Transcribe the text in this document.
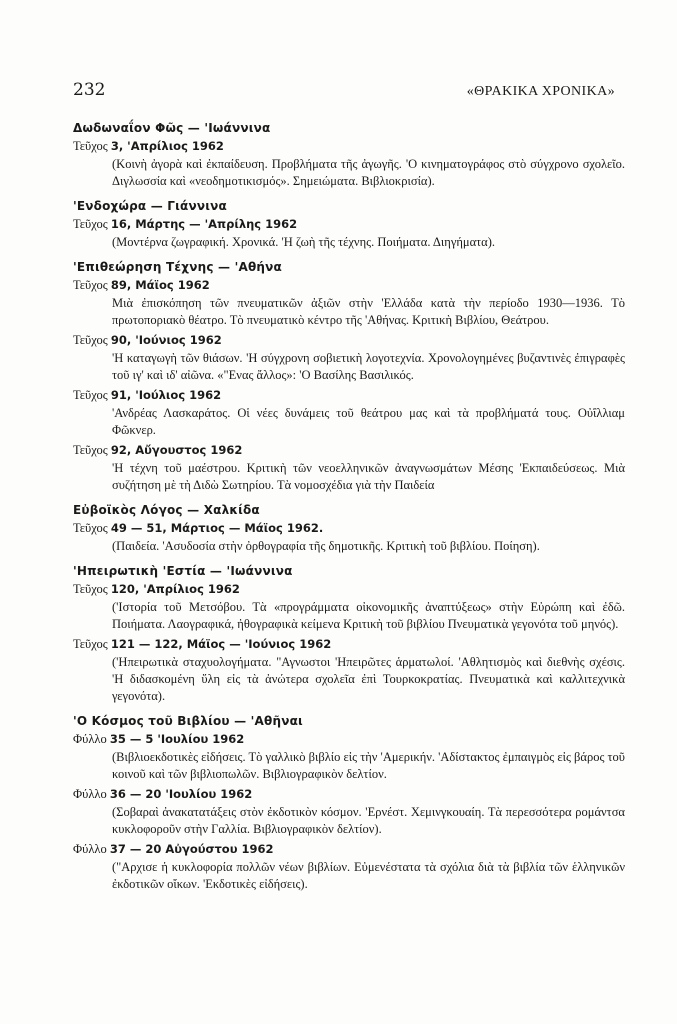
232	«ΘΡΑΚΙΚΑ ΧΡΟΝΙΚΑ»
Δωδωναΐον Φῶς — 'Ιωάννινα
Τεῦχος 3, 'Απρίλιος 1962
(Κοινὴ ἀγορὰ καὶ ἐκπαίδευση. Προβλήματα τῆς ἀγωγῆς. 'Ο κινηματογράφος στὸ σύγχρονο σχολεῖο. Διγλωσσία καὶ «νεοδημοτικισμός». Σημειώματα. Βιβλιοκρισία).
'Ενδοχώρα — Γιάννινα
Τεῦχος 16, Μάρτης — 'Απρίλης 1962
(Μοντέρνα ζωγραφική. Χρονικά. 'Η ζωὴ τῆς τέχνης. Ποιήματα. Διηγήματα).
'Επιθεώρηση Τέχνης — 'Αθήνα
Τεῦχος 89, Μάϊος 1962
Μιὰ ἐπισκόπηση τῶν πνευματικῶν ἀξιῶν στὴν 'Ελλάδα κατὰ τὴν περίοδο 1930—1936. Τὸ πρωτοποριακὸ θέατρο. Τὸ πνευματικὸ κέντρο τῆς 'Αθήνας. Κριτικὴ Βιβλίου, Θεάτρου.
Τεῦχος 90, 'Ιούνιος 1962
'Η καταγωγὴ τῶν θιάσων. 'Η σύγχρονη σοβιετικὴ λογοτεχνία. Χρονολογημένες βυζαντινὲς ἐπιγραφὲς τοῦ ιγ' καὶ ιδ' αἰῶνα. «"Ενας ἄλλος»: 'Ο Βασίλης Βασιλικός.
Τεῦχος 91, 'Ιούλιος 1962
'Ανδρέας Λασκαράτος. Οἱ νέες δυνάμεις τοῦ θεάτρου μας καὶ τὰ προβλήματά τους. Οὐΐλλιαμ Φῶκνερ.
Τεῦχος 92, Αὔγουστος 1962
'Η τέχνη τοῦ μαέστρου. Κριτικὴ τῶν νεοελληνικῶν ἀναγνωσμάτων Μέσης 'Εκπαιδεύσεως. Μιὰ συζήτηση μὲ τὴ Διδὼ Σωτηρίου. Τὰ νομοσχέδια γιὰ τὴν Παιδεία
Εὐβοϊκὸς Λόγος — Χαλκίδα
Τεῦχος 49 — 51, Μάρτιος — Μάϊος 1962.
(Παιδεία. 'Ασυδοσία στὴν ὀρθογραφία τῆς δημοτικῆς. Κριτικὴ τοῦ βιβλίου. Ποίηση).
'Ηπειρωτικὴ 'Εστία — 'Ιωάννινα
Τεῦχος 120, 'Απρίλιος 1962
('Ιστορία τοῦ Μετσόβου. Τὰ «προγράμματα οἰκονομικῆς ἀναπτύξεως» στὴν Εὐρώπη καὶ ἐδῶ. Ποιήματα. Λαογραφικά, ἠθογραφικὰ κείμενα Κριτικὴ τοῦ βιβλίου Πνευματικὰ γεγονότα τοῦ μηνός).
Τεῦχος 121 — 122, Μάϊος — 'Ιούνιος 1962
('Ηπειρωτικὰ σταχυολογήματα. "Αγνωστοι 'Ηπειρῶτες ἁρματωλοί. 'Αθλητισμὸς καὶ διεθνὴς σχέσις. 'Η διδασκομένη ὕλη εἰς τὰ ἀνώτερα σχολεῖα ἐπὶ Τουρκοκρατίας. Πνευματικὰ καὶ καλλιτεχνικὰ γεγονότα).
'Ο Κόσμος τοῦ Βιβλίου — 'Αθῆναι
Φύλλο 35 — 5 'Ιουλίου 1962
(Βιβλιοεκδοτικὲς εἰδήσεις. Τὸ γαλλικὸ βιβλίο εἰς τὴν 'Αμερικήν. 'Αδίστακτος ἐμπαιγμὸς εἰς βάρος τοῦ κοινοῦ καὶ τῶν βιβλιοπωλῶν. Βιβλιογραφικὸν δελτίον.
Φύλλο 36 — 20 'Ιουλίου 1962
(Σοβαραὶ ἀνακατατάξεις στὸν ἐκδοτικὸν κόσμον. 'Ερνέστ. Χεμινγκουαίη. Τὰ περεσσότερα ρομάντσα κυκλοφοροῦν στὴν Γαλλία. Βιβλιογραφικὸν δελτίον).
Φύλλο 37 — 20 Αὐγούστου 1962
("Αρχισε ἡ κυκλοφορία πολλῶν νέων βιβλίων. Εὐμενέστατα τὰ σχόλια διὰ τὰ βιβλία τῶν ἑλληνικῶν ἐκδοτικῶν οἴκων. 'Εκδοτικὲς εἰδήσεις).
